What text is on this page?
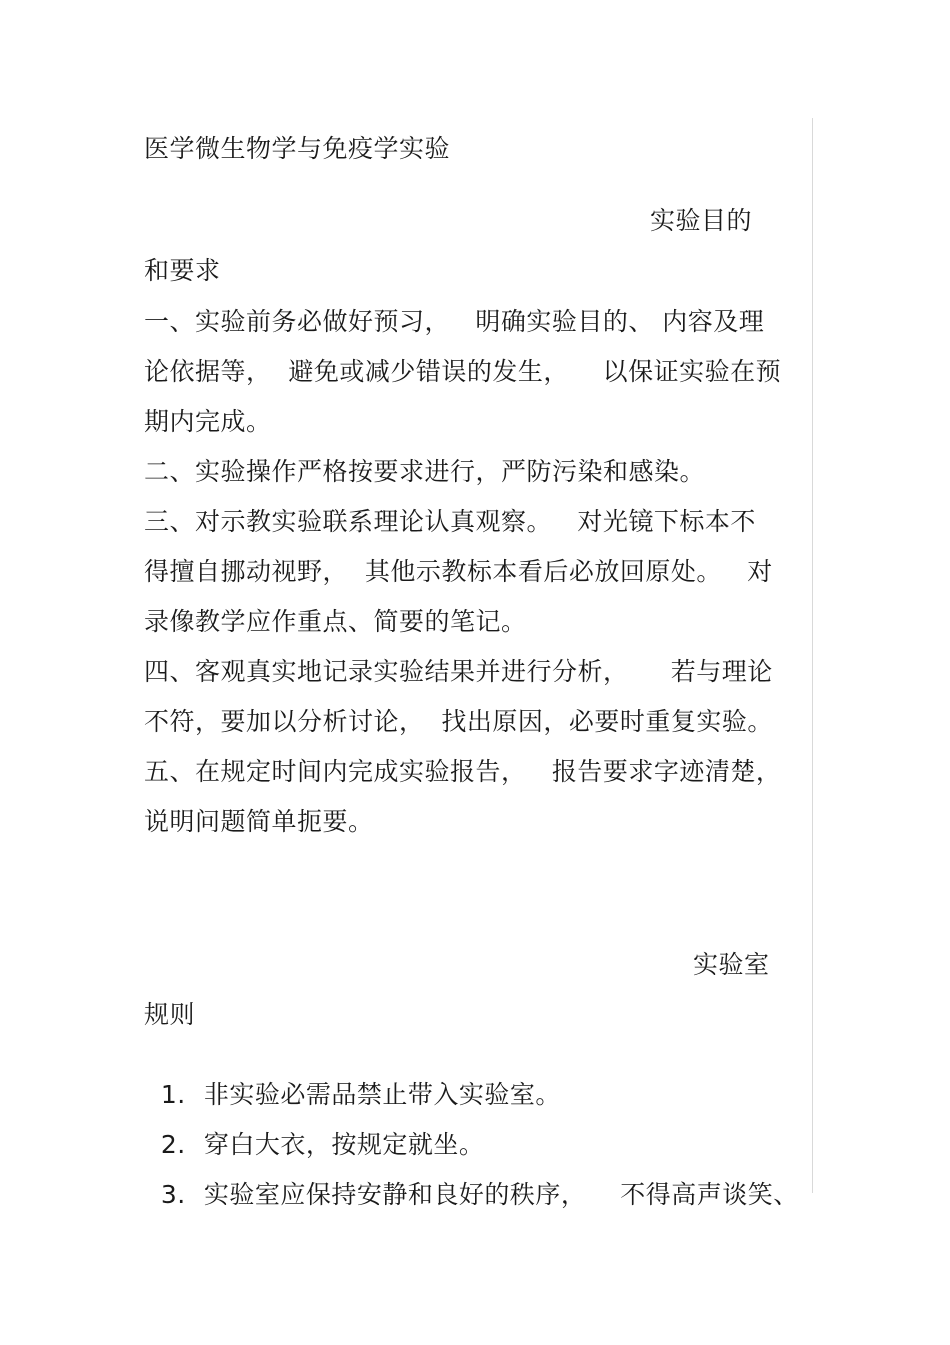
医学微生物学与免疫学实验
实验目的
和要求
一、实验前务必做好预习，   明确实验目的、 内容及理
论依据等，  避免或减少错误的发生，    以保证实验在预
期内完成。
二、实验操作严格按要求进行，严防污染和感染。
三、对示教实验联系理论认真观察。   对光镜下标本不
得擅自挪动视野，  其他示教标本看后必放回原处。   对
录像教学应作重点、简要的笔记。
四、客观真实地记录实验结果并进行分析，     若与理论
不符，要加以分析讨论，  找出原因，必要时重复实验。
五、在规定时间内完成实验报告，   报告要求字迹清楚，
说明问题简单扼要。
实验室
规则

1. 非实验必需品禁止带入实验室。

2. 穿白大衣，按规定就坐。

3. 实验室应保持安静和良好的秩序，    不得高声谈笑、
